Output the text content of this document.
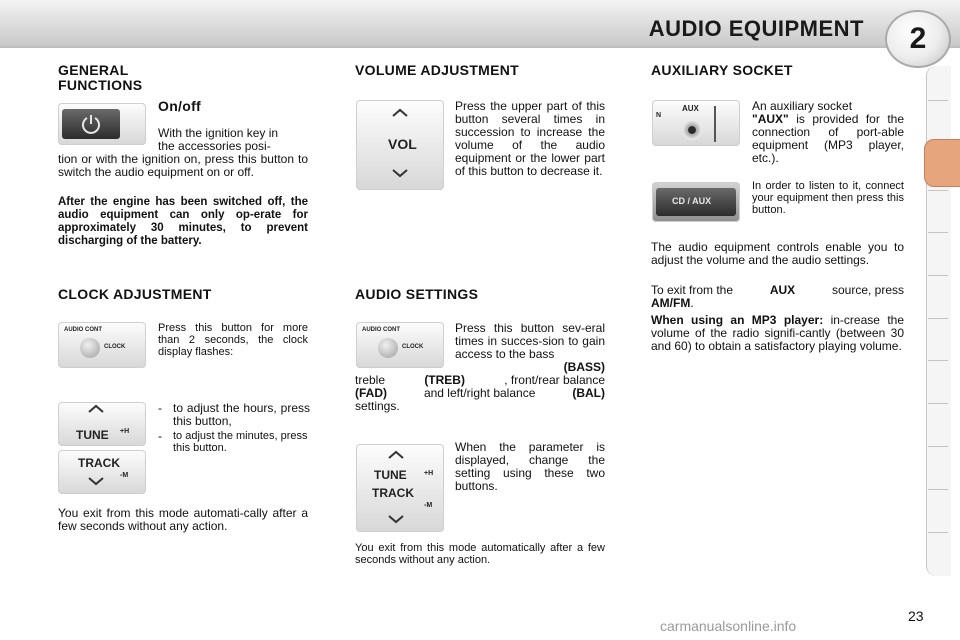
AUDIO EQUIPMENT	2
GENERAL
FUNCTIONS
On/off
With the ignition key in
the accessories posi-
tion or with the ignition on, press this button to switch the audio equipment on or off.
After the engine has been switched off, the audio equipment can only op-erate for approximately 30 minutes, to prevent discharging of the battery.
CLOCK ADJUSTMENT
AUDIO CONT
CLOCK
Press this button for more than 2 seconds, the clock display flashes:
TUNE +H
TRACK
-M
- to adjust the hours, press this button,
-	to adjust the minutes, press this button.
You exit from this mode automati-cally after a few seconds without any action.
VOLUME ADJUSTMENT
VOL
Press the upper part of this button several times in succession to increase the volume of the audio equipment or the lower part of this button to decrease it.
AUDIO SETTINGS
AUDIO CONT
CLOCK
Press this button sev-eral times in succes-sion to gain access to the bass
(BASS)
treble	(TREB)	, front/rear balance
(FAD)	and left/right balance	(BAL)
settings.
TUNE +H
TRACK
-M
When the parameter is displayed, change the setting using these two buttons.
You exit from this mode automatically after a few seconds without any action.
AUXILIARY SOCKET
N
AUX	An auxiliary socket
"AUX" is provided for the connection of port-able equipment (MP3 player, etc.).
CD / AUX
In order to listen to it, connect your equipment then press this button.
The audio equipment controls enable you to adjust the volume and the audio settings.
To exit from the	AUX	source, press
AM/FM.
When using an MP3 player: in-crease the volume of the radio signifi-cantly (between 30 and 60) to obtain a satisfactory playing volume.
23
carmanualsonline.info
